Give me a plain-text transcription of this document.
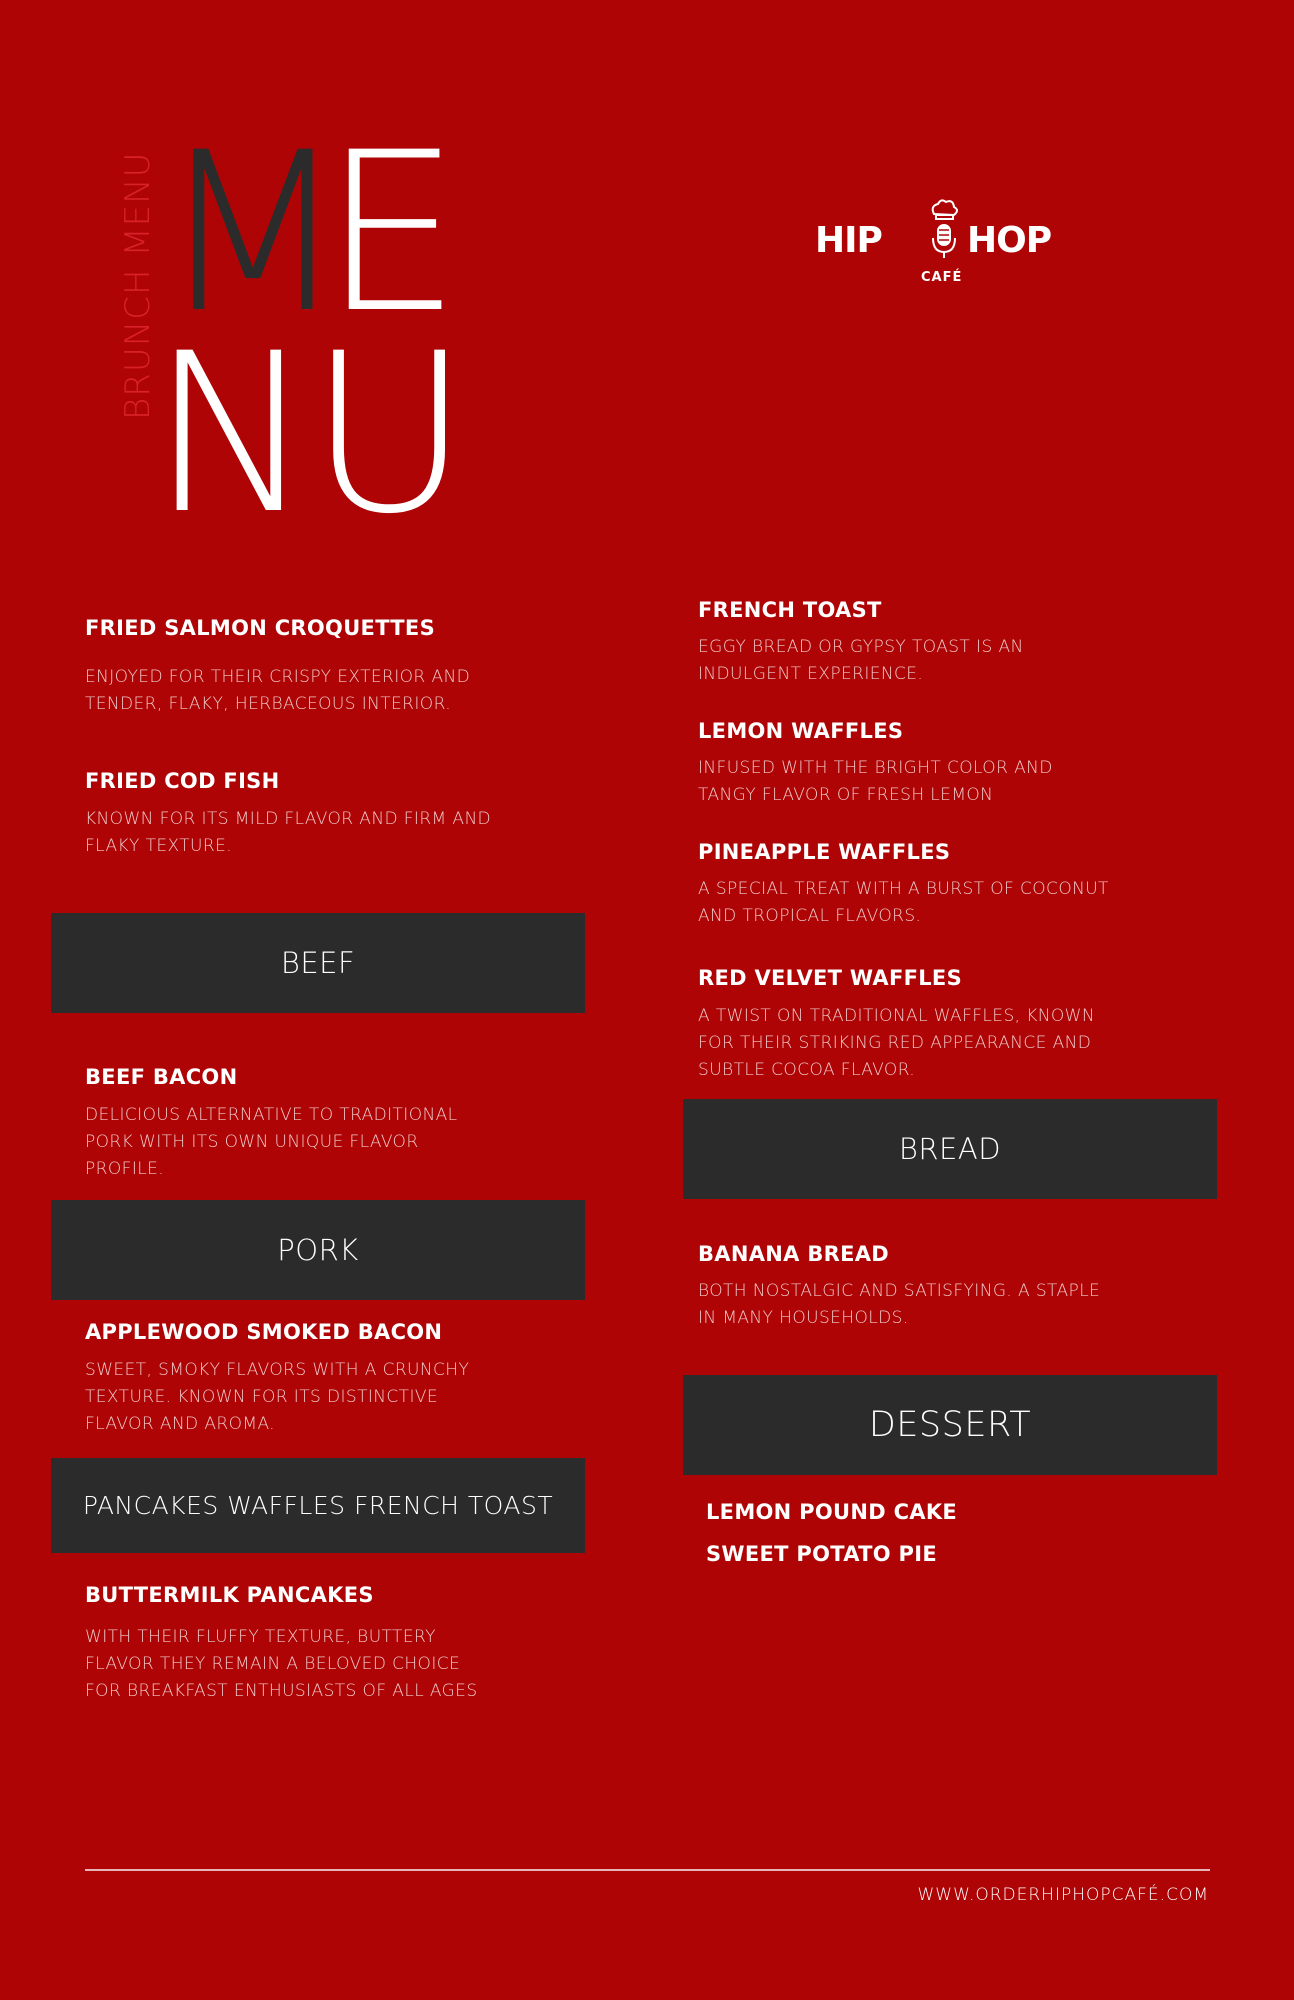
M
E
NU
BRUNCH MENU	HIP HOP
CAFÉ
FRIED SALMON CROQUETTES
ENJOYED FOR THEIR CRISPY EXTERIOR AND
TENDER, FLAKY, HERBACEOUS INTERIOR.
FRIED COD FISH
KNOWN FOR ITS MILD FLAVOR AND FIRM AND
FLAKY TEXTURE.
BEEF
BEEF BACON
DELICIOUS ALTERNATIVE TO TRADITIONAL
PORK WITH ITS OWN UNIQUE FLAVOR
PROFILE.
PORK
APPLEWOOD SMOKED BACON
SWEET, SMOKY FLAVORS WITH A CRUNCHY
TEXTURE. KNOWN FOR ITS DISTINCTIVE
FLAVOR AND AROMA.
PANCAKES WAFFLES FRENCH TOAST
BUTTERMILK PANCAKES
WITH THEIR FLUFFY TEXTURE, BUTTERY
FLAVOR THEY REMAIN A BELOVED CHOICE
FOR BREAKFAST ENTHUSIASTS OF ALL AGES
FRENCH TOAST
EGGY BREAD OR GYPSY TOAST IS AN
INDULGENT EXPERIENCE.
LEMON WAFFLES
INFUSED WITH THE BRIGHT COLOR AND
TANGY FLAVOR OF FRESH LEMON
PINEAPPLE WAFFLES
A SPECIAL TREAT WITH A BURST OF COCONUT
AND TROPICAL FLAVORS.
RED VELVET WAFFLES
A TWIST ON TRADITIONAL WAFFLES, KNOWN
FOR THEIR STRIKING RED APPEARANCE AND
SUBTLE COCOA FLAVOR.
BREAD
BANANA BREAD
BOTH NOSTALGIC AND SATISFYING. A STAPLE
IN MANY HOUSEHOLDS.
DESSERT
LEMON POUND CAKE
SWEET POTATO PIE
WWW.ORDERHIPHOPCAFÉ.COM
